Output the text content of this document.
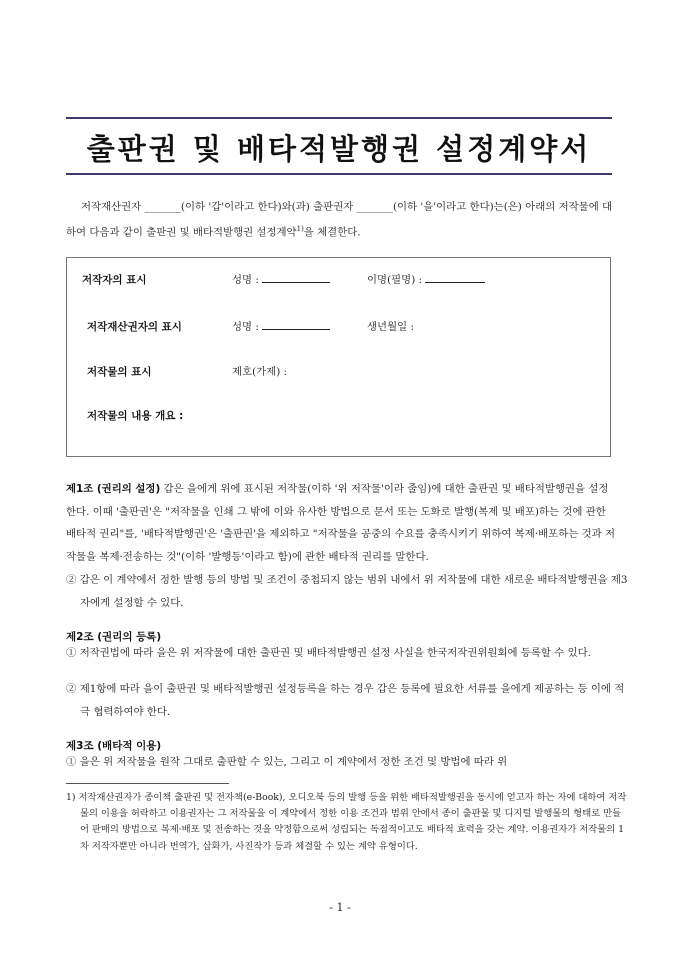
출판권 및 배타적발행권 설정계약서

저작재산권자 _______(이하 '갑'이라고 한다)와(과) 출판권자 _______(이하 '을'이라고 한다)는(은) 아래의 저작물에 대하여 다음과 같이 출판권 및 배타적발행권 설정계약$^{1)}$을 체결한다.

저작자의 표시	성명 :	이명(필명) :
저작재산권자의 표시	성명 :	생년월일 :
저작물의 표시	제호(가제) :
저작물의 내용 개요 :

제1조 (권리의 설정) 갑은 을에게 위에 표시된 저작물(이하 '위 저작물'이라 줄임)에 대한 출판권 및 배타적발행권을 설정한다. 이때 '출판권'은 "저작물을 인쇄 그 밖에 이와 유사한 방법으로 문서 또는 도화로 발행(복제 및 배포)하는 것에 관한 배타적 권리"를, '배타적발행권'은 '출판권'을 제외하고 "저작물을 공중의 수요를 충족시키기 위하여 복제·배포하는 것과 저작물을 복제·전송하는 것"(이하 '발행등'이라고 함)에 관한 배타적 권리를 말한다.

② 갑은 이 계약에서 정한 발행 등의 방법 및 조건이 중첩되지 않는 범위 내에서 위 저작물에 대한 새로운 배타적발행권을 제3자에게 설정할 수 있다.

제2조 (권리의 등록)

① 저작권법에 따라 을은 위 저작물에 대한 출판권 및 배타적발행권 설정 사실을 한국저작권위원회에 등록할 수 있다.

② 제1항에 따라 을이 출판권 및 배타적발행권 설정등록을 하는 경우 갑은 등록에 필요한 서류를 을에게 제공하는 등 이에 적극 협력하여야 한다.

제3조 (배타적 이용)

① 을은 위 저작물을 원작 그대로 출판할 수 있는, 그리고 이 계약에서 정한 조건 및 방법에 따라 위

1) 저작재산권자가 종이책 출판권 및 전자책(e-Book), 오디오북 등의 발행 등을 위한 배타적발행권을 동시에 얻고자 하는 자에 대하여 저작물의 이용을 허락하고 이용권자는 그 저작물을 이 계약에서 정한 이용 조건과 범위 안에서 종이 출판물 및 디지털 발행물의 형태로 만들어 판매의 방법으로 복제·배포 및 전송하는 것을 약정함으로써 성립되는 독점적이고도 배타적 효력을 갖는 계약. 이용권자가 저작물의 1차 저작자뿐만 아니라 번역가, 삽화가, 사진작가 등과 체결할 수 있는 계약 유형이다.

- 1 -
